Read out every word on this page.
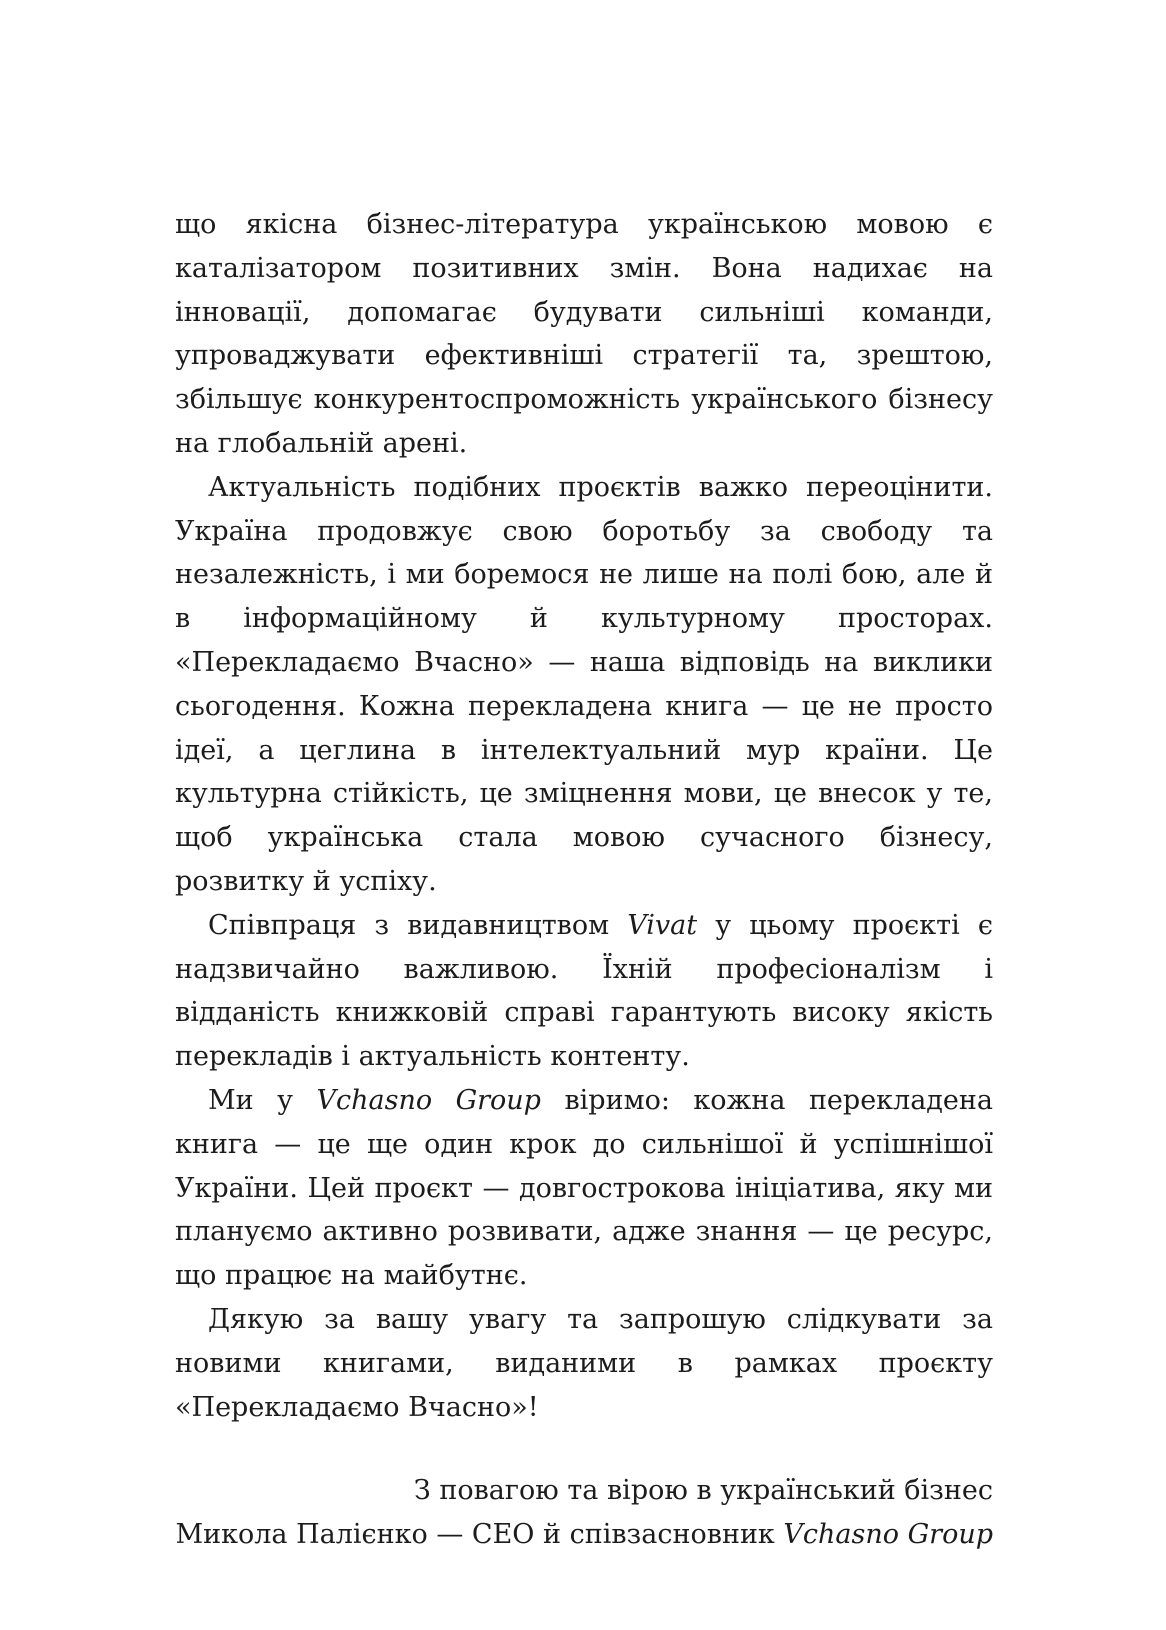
що якісна бізнес-література українською мовою є каталізатором позитивних змін. Вона надихає на інновації, допомагає будувати сильніші команди, упроваджувати ефективніші стратегії та, зрештою, збільшує конкурентоспроможність українського бізнесу на глобальній арені.

Актуальність подібних проєктів важко переоцінити. Україна продовжує свою боротьбу за свободу та незалежність, і ми боремося не лише на полі бою, але й в інформаційному й культурному просторах. «Перекладаємо Вчасно» — наша відповідь на виклики сьогодення. Кожна перекладена книга — це не просто ідеї, а цеглина в інтелектуальний мур країни. Це культурна стійкість, це зміцнення мови, це внесок у те, щоб українська стала мовою сучасного бізнесу, розвитку й успіху.

Співпраця з видавництвом Vivat у цьому проєкті є надзвичайно важливою. Їхній професіоналізм і відданість книжковій справі гарантують високу якість перекладів і актуальність контенту.

Ми у Vchasno Group віримо: кожна перекладена книга — це ще один крок до сильнішої й успішнішої України. Цей проєкт — довгострокова ініціатива, яку ми плануємо активно розвивати, адже знання — це ресурс, що працює на майбутнє.

Дякую за вашу увагу та запрошую слідкувати за новими книгами, виданими в рамках проєкту «Перекладаємо Вчасно»!

З повагою та вірою в український бізнес

Микола Палієнко — CEO й співзасновник Vchasno Group
